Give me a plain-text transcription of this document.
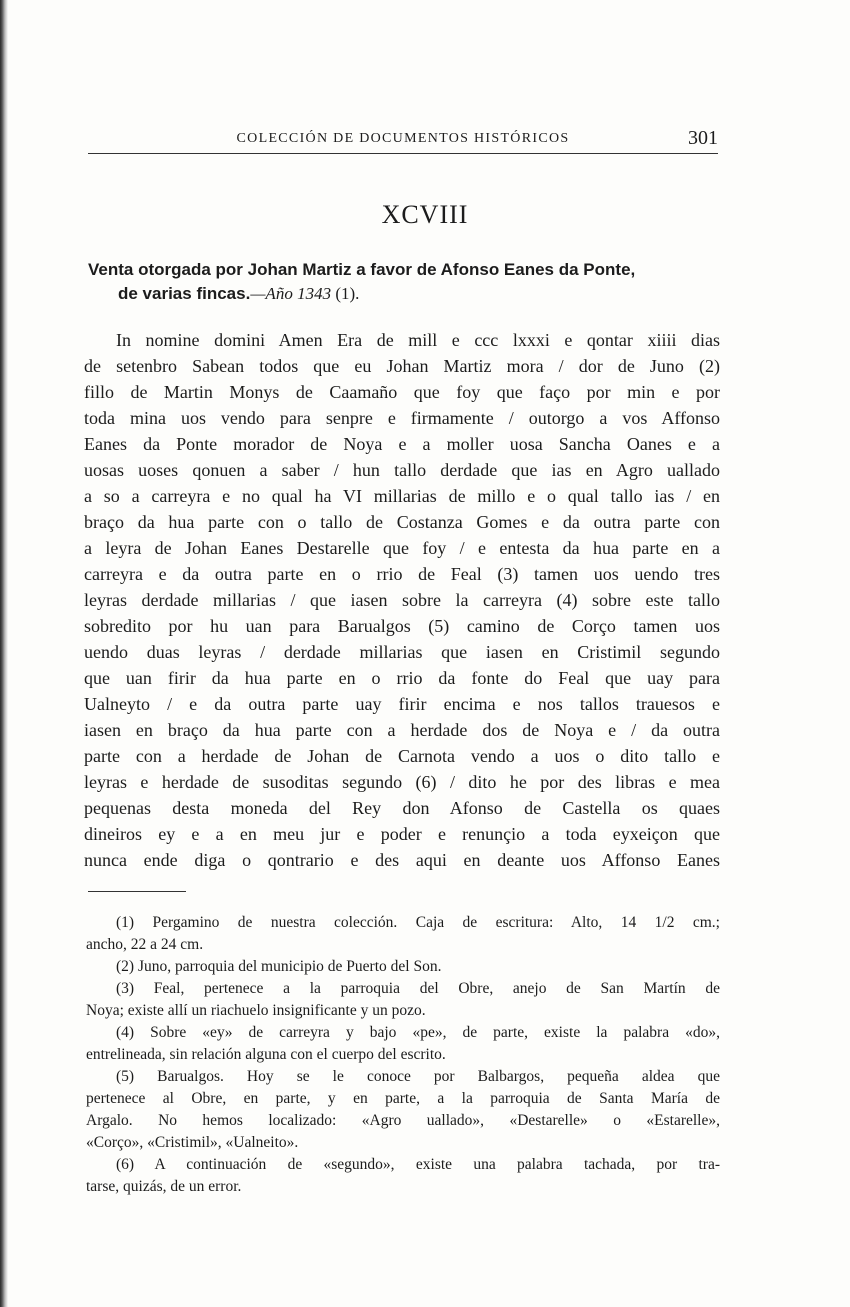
COLECCIÓN DE DOCUMENTOS HISTÓRICOS	301
XCVIII
Venta otorgada por Johan Martiz a favor de Afonso Eanes da Ponte,
de varias fincas.—Año 1343 (1).
In nomine domini Amen Era de mill e ccc lxxxi e qontar xiiii dias
de setenbro Sabean todos que eu Johan Martiz mora / dor de Juno (2)
fillo de Martin Monys de Caamaño que foy que faço por min e por
toda mina uos vendo para senpre e firmamente / outorgo a vos Affonso
Eanes da Ponte morador de Noya e a moller uosa Sancha Oanes e a
uosas uoses qonuen a saber / hun tallo derdade que ias en Agro uallado
a so a carreyra e no qual ha VI millarias de millo e o qual tallo ias / en
braço da hua parte con o tallo de Costanza Gomes e da outra parte con
a leyra de Johan Eanes Destarelle que foy / e entesta da hua parte en a
carreyra e da outra parte en o rrio de Feal (3) tamen uos uendo tres
leyras derdade millarias / que iasen sobre la carreyra (4) sobre este tallo
sobredito por hu uan para Barualgos (5) camino de Corço tamen uos
uendo duas leyras / derdade millarias que iasen en Cristimil segundo
que uan firir da hua parte en o rrio da fonte do Feal que uay para
Ualneyto / e da outra parte uay firir encima e nos tallos trauesos e
iasen en braço da hua parte con a herdade dos de Noya e / da outra
parte con a herdade de Johan de Carnota vendo a uos o dito tallo e
leyras e herdade de susoditas segundo (6) / dito he por des libras e mea
pequenas desta moneda del Rey don Afonso de Castella os quaes
dineiros ey e a en meu jur e poder e renunçio a toda eyxeiçon que
nunca ende diga o qontrario e des aqui en deante uos Affonso Eanes
(1) Pergamino de nuestra colección. Caja de escritura: Alto, 14 1/2 cm.;
ancho, 22 a 24 cm.
(2) Juno, parroquia del municipio de Puerto del Son.
(3) Feal, pertenece a la parroquia del Obre, anejo de San Martín de
Noya; existe allí un riachuelo insignificante y un pozo.
(4) Sobre «ey» de carreyra y bajo «pe», de parte, existe la palabra «do»,
entrelineada, sin relación alguna con el cuerpo del escrito.
(5) Barualgos. Hoy se le conoce por Balbargos, pequeña aldea que
pertenece al Obre, en parte, y en parte, a la parroquia de Santa María de
Argalo. No hemos localizado: «Agro uallado», «Destarelle» o «Estarelle»,
«Corço», «Cristimil», «Ualneito».
(6) A continuación de «segundo», existe una palabra tachada, por tra-
tarse, quizás, de un error.
